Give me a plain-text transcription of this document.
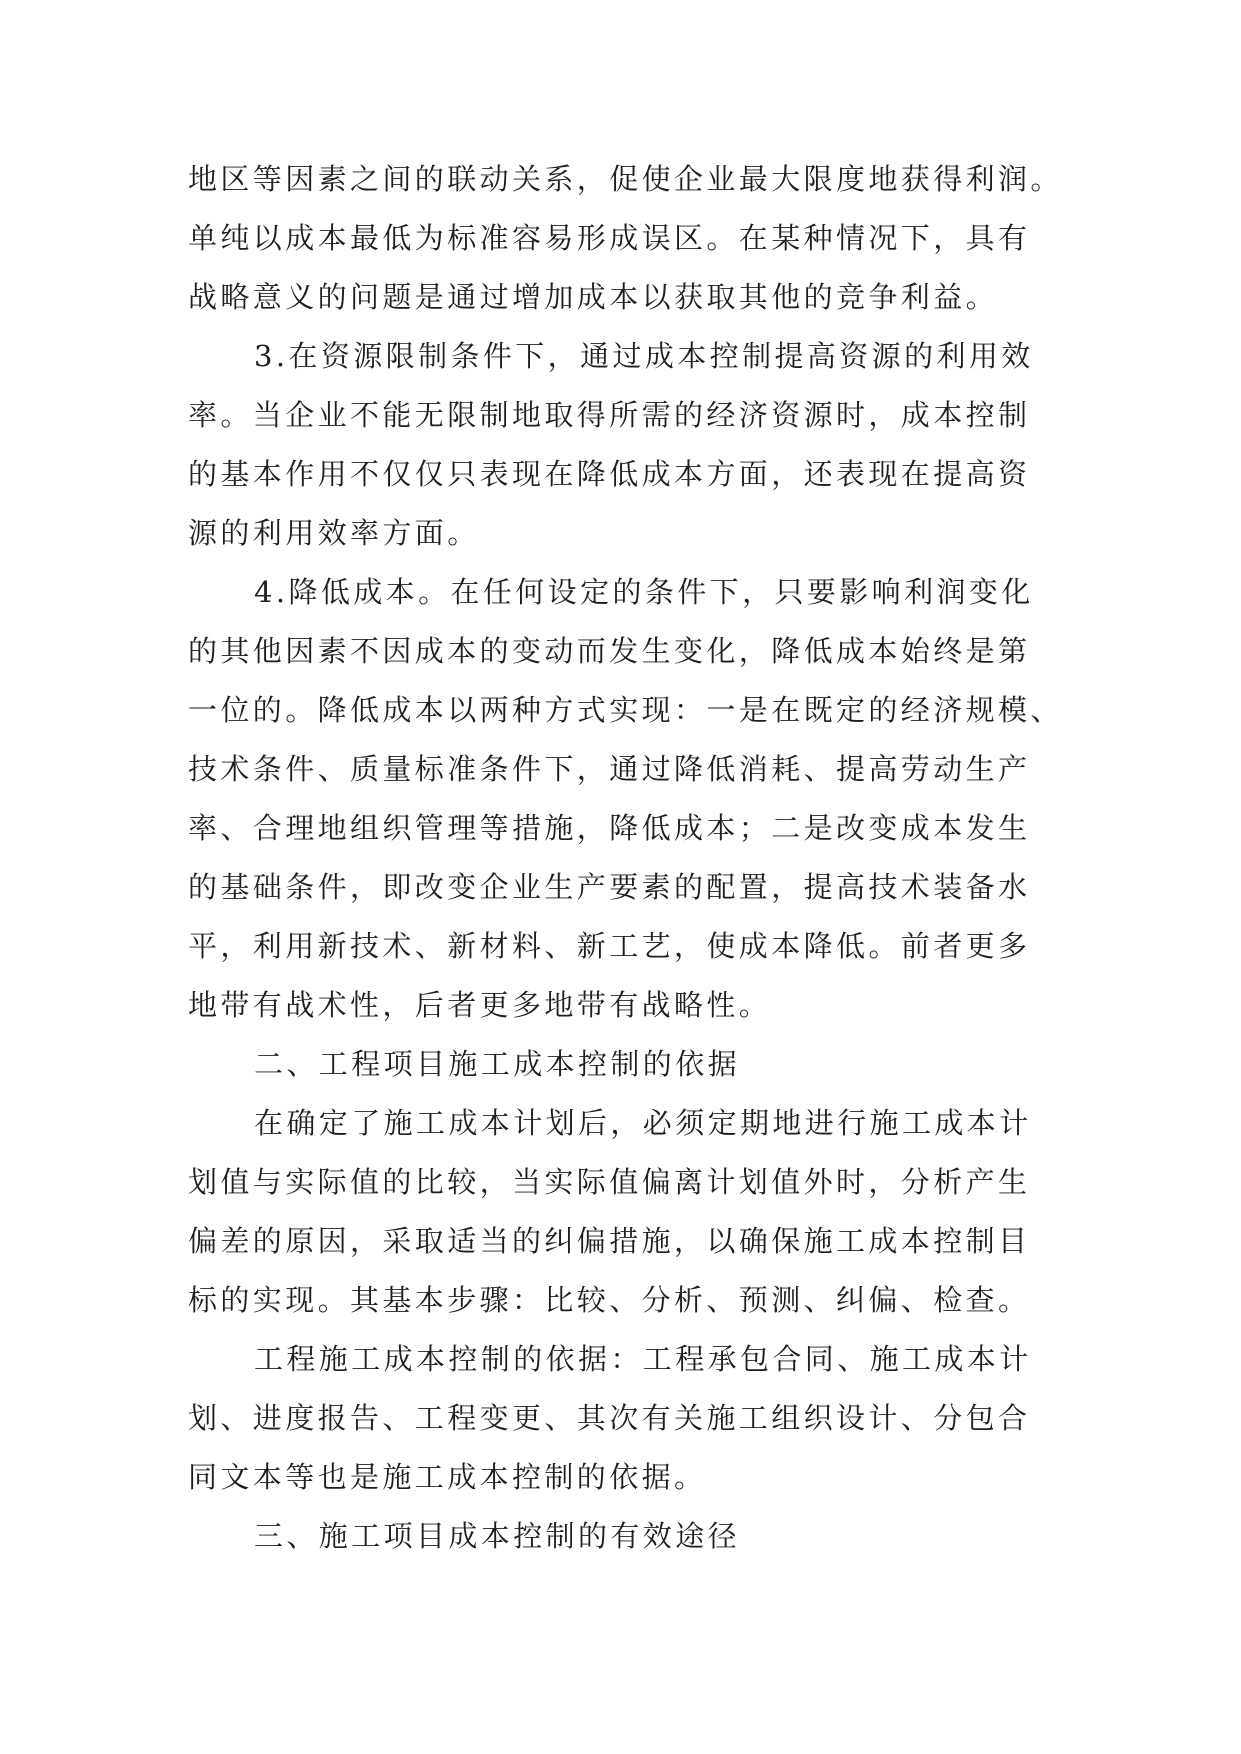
地区等因素之间的联动关系，促使企业最大限度地获得利润。
单纯以成本最低为标准容易形成误区。在某种情况下，具有
战略意义的问题是通过增加成本以获取其他的竞争利益。
3.在资源限制条件下，通过成本控制提高资源的利用效
率。当企业不能无限制地取得所需的经济资源时，成本控制
的基本作用不仅仅只表现在降低成本方面，还表现在提高资
源的利用效率方面。
4.降低成本。在任何设定的条件下，只要影响利润变化
的其他因素不因成本的变动而发生变化，降低成本始终是第
一位的。降低成本以两种方式实现：一是在既定的经济规模、
技术条件、质量标准条件下，通过降低消耗、提高劳动生产
率、合理地组织管理等措施，降低成本；二是改变成本发生
的基础条件，即改变企业生产要素的配置，提高技术装备水
平，利用新技术、新材料、新工艺，使成本降低。前者更多
地带有战术性，后者更多地带有战略性。
二、工程项目施工成本控制的依据
在确定了施工成本计划后，必须定期地进行施工成本计
划值与实际值的比较，当实际值偏离计划值外时，分析产生
偏差的原因，采取适当的纠偏措施，以确保施工成本控制目
标的实现。其基本步骤：比较、分析、预测、纠偏、检查。
工程施工成本控制的依据：工程承包合同、施工成本计
划、进度报告、工程变更、其次有关施工组织设计、分包合
同文本等也是施工成本控制的依据。
三、施工项目成本控制的有效途径
